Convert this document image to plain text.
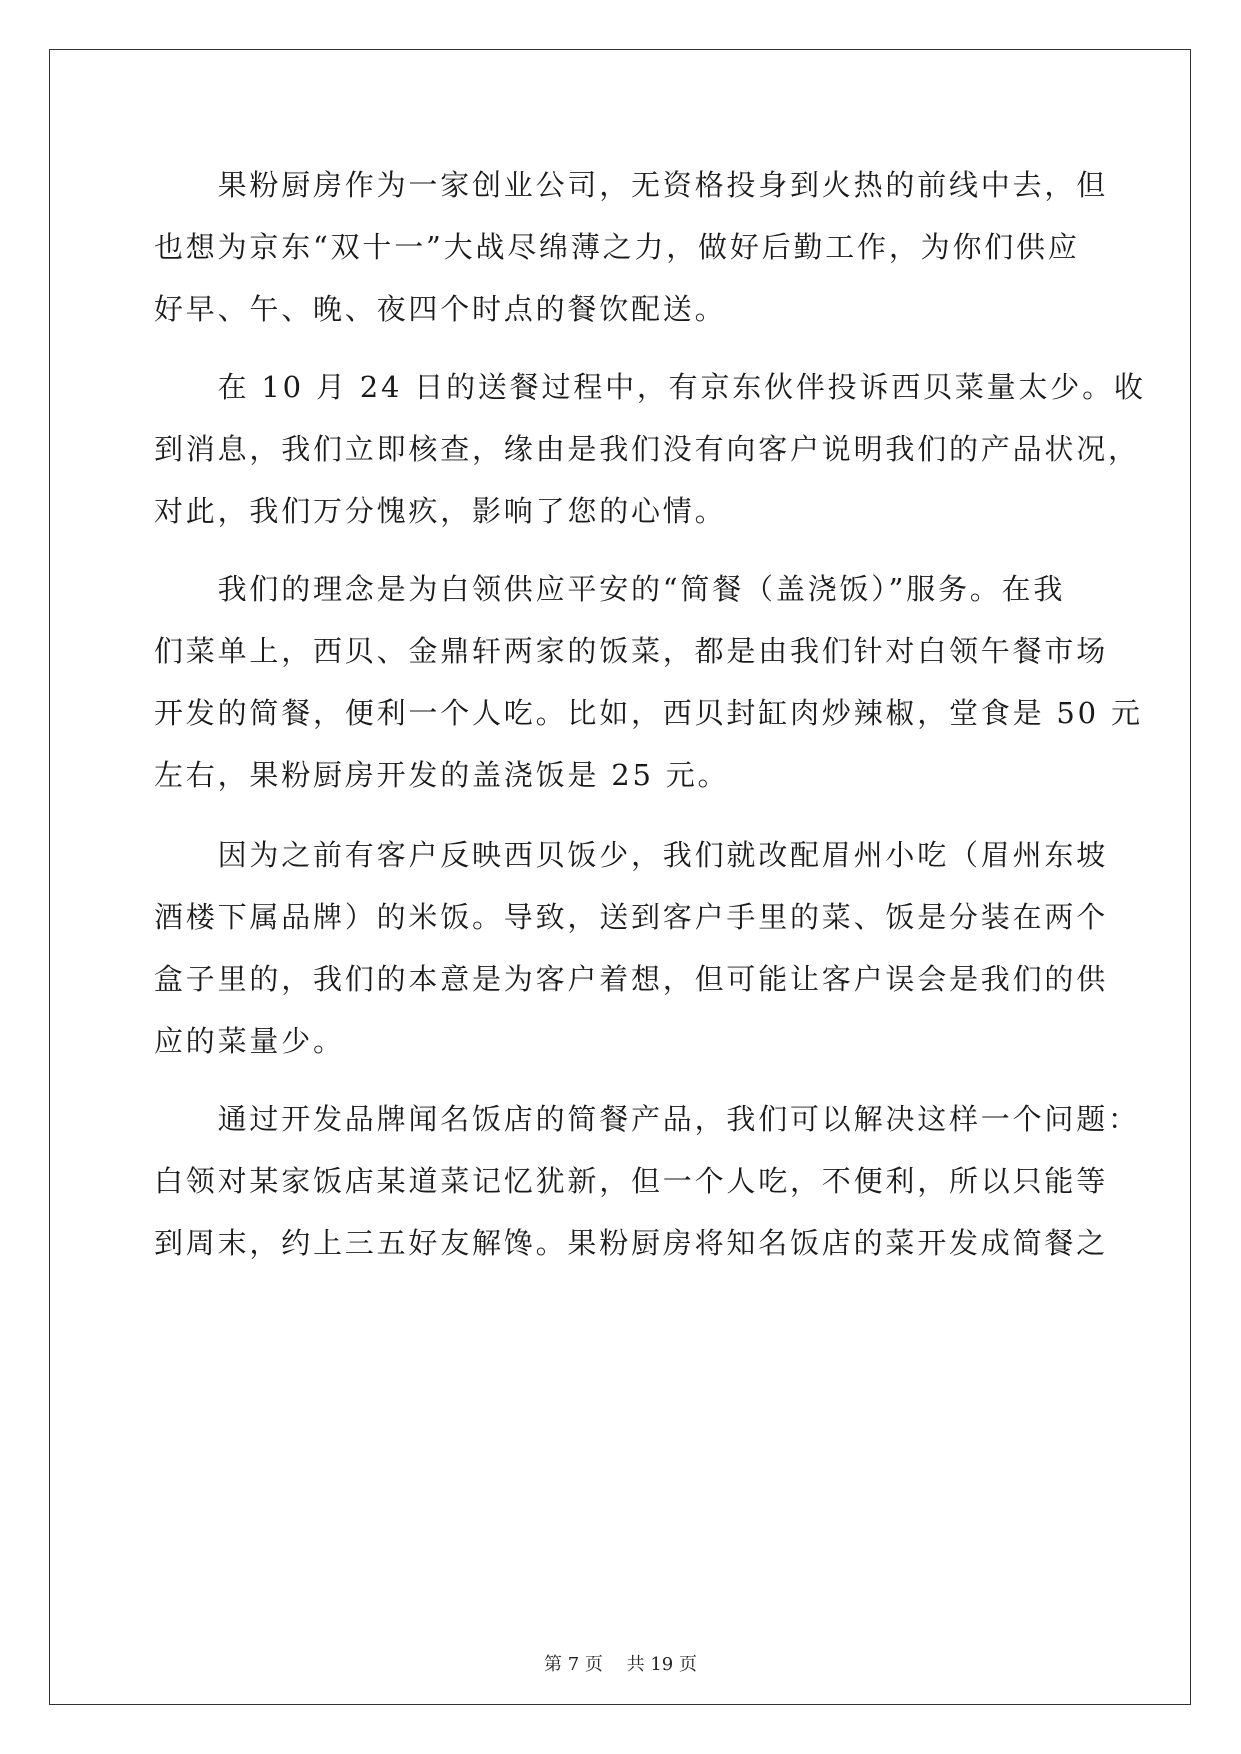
　　果粉厨房作为一家创业公司，无资格投身到火热的前线中去，但
也想为京东“双十一”大战尽绵薄之力，做好后勤工作，为你们供应
好早、午、晚、夜四个时点的餐饮配送。
　　在 10 月 24 日的送餐过程中，有京东伙伴投诉西贝菜量太少。收
到消息，我们立即核查，缘由是我们没有向客户说明我们的产品状况，
对此，我们万分愧疚，影响了您的心情。
　　我们的理念是为白领供应平安的“简餐（盖浇饭）”服务。在我
们菜单上，西贝、金鼎轩两家的饭菜，都是由我们针对白领午餐市场
开发的简餐，便利一个人吃。比如，西贝封缸肉炒辣椒，堂食是 50 元
左右，果粉厨房开发的盖浇饭是 25 元。
　　因为之前有客户反映西贝饭少，我们就改配眉州小吃（眉州东坡
酒楼下属品牌）的米饭。导致，送到客户手里的菜、饭是分装在两个
盒子里的，我们的本意是为客户着想，但可能让客户误会是我们的供
应的菜量少。
　　通过开发品牌闻名饭店的简餐产品，我们可以解决这样一个问题：
白领对某家饭店某道菜记忆犹新，但一个人吃，不便利，所以只能等
到周末，约上三五好友解馋。果粉厨房将知名饭店的菜开发成简餐之
第 7 页　 共 19 页
